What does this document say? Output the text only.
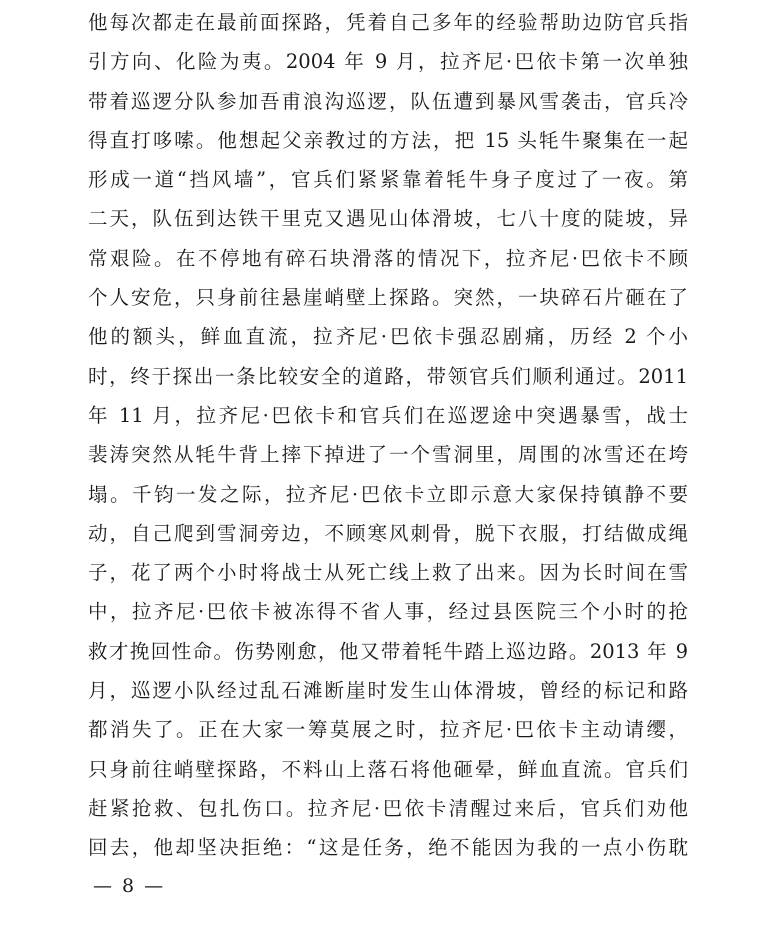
他每次都走在最前面探路，凭着自己多年的经验帮助边防官兵指
引方向、化险为夷。2004 年 9 月，拉齐尼·巴依卡第一次单独
带着巡逻分队参加吾甫浪沟巡逻，队伍遭到暴风雪袭击，官兵冷
得直打哆嗦。他想起父亲教过的方法，把 15 头牦牛聚集在一起
形成一道“挡风墙”，官兵们紧紧靠着牦牛身子度过了一夜。第
二天，队伍到达铁干里克又遇见山体滑坡，七八十度的陡坡，异
常艰险。在不停地有碎石块滑落的情况下，拉齐尼·巴依卡不顾
个人安危，只身前往悬崖峭壁上探路。突然，一块碎石片砸在了
他的额头，鲜血直流，拉齐尼·巴依卡强忍剧痛，历经 2 个小
时，终于探出一条比较安全的道路，带领官兵们顺利通过。2011
年 11 月，拉齐尼·巴依卡和官兵们在巡逻途中突遇暴雪，战士
裴涛突然从牦牛背上摔下掉进了一个雪洞里，周围的冰雪还在垮
塌。千钧一发之际，拉齐尼·巴依卡立即示意大家保持镇静不要
动，自己爬到雪洞旁边，不顾寒风刺骨，脱下衣服，打结做成绳
子，花了两个小时将战士从死亡线上救了出来。因为长时间在雪
中，拉齐尼·巴依卡被冻得不省人事，经过县医院三个小时的抢
救才挽回性命。伤势刚愈，他又带着牦牛踏上巡边路。2013 年 9
月，巡逻小队经过乱石滩断崖时发生山体滑坡，曾经的标记和路
都消失了。正在大家一筹莫展之时，拉齐尼·巴依卡主动请缨，
只身前往峭壁探路，不料山上落石将他砸晕，鲜血直流。官兵们
赶紧抢救、包扎伤口。拉齐尼·巴依卡清醒过来后，官兵们劝他
回去，他却坚决拒绝：“这是任务，绝不能因为我的一点小伤耽
— 8 —
